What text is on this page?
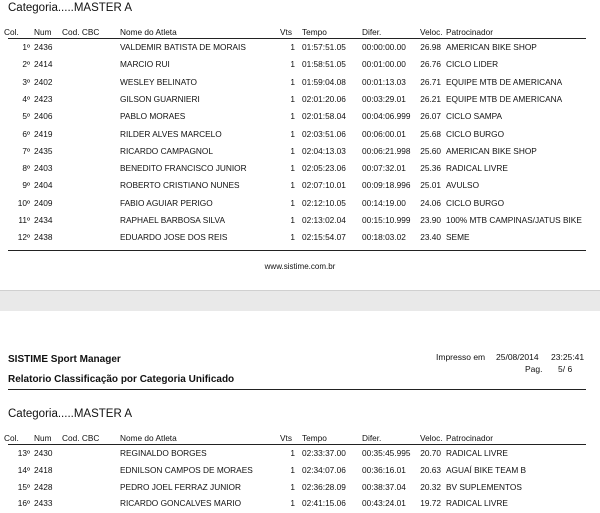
Categoria.....MASTER A
Col.	Num Cod. CBC Nome do Atleta	Vts	Tempo	Difer.	Veloc. Patrocinador
1º 2436	VALDEMIR BATISTA DE MORAIS	1 01:57:51.05 00:00:00.00	26.98 AMERICAN BIKE SHOP
2º 2414	MARCIO RUI	1 01:58:51.05 00:01:00.00	26.76 CICLO LIDER
3º 2402	WESLEY BELINATO	1 01:59:04.08 00:01:13.03	26.71 EQUIPE MTB DE AMERICANA
4º 2423	GILSON GUARNIERI	1 02:01:20.06 00:03:29.01	26.21 EQUIPE MTB DE AMERICANA
5º 2406	PABLO MORAES	1 02:01:58.04 00:04:06.999	26.07 CICLO SAMPA
6º 2419	RILDER ALVES MARCELO	1 02:03:51.06 00:06:00.01	25.68 CICLO BURGO
7º 2435	RICARDO CAMPAGNOL	1 02:04:13.03 00:06:21.998	25.60 AMERICAN BIKE SHOP
8º 2403	BENEDITO FRANCISCO JUNIOR	1 02:05:23.06 00:07:32.01	25.36 RADICAL LIVRE
9º 2404	ROBERTO CRISTIANO NUNES	1 02:07:10.01 00:09:18.996	25.01 AVULSO
10º 2409	FABIO AGUIAR PERIGO	1 02:12:10.05 00:14:19.00	24.06 CICLO BURGO
11º 2434	RAPHAEL BARBOSA SILVA	1 02:13:02.04 00:15:10.999	23.90 100% MTB CAMPINAS/JATUS BIKE
12º 2438	EDUARDO JOSE DOS REIS	1 02:15:54.07 00:18:03.02	23.40 SEME
www.sistime.com.br
SISTIME Sport Manager
Relatorio Classificação por Categoria Unificado
Impresso em 25/08/2014 23:25:41
Pag. 5/ 6
Categoria.....MASTER A
Col.	Num Cod. CBC Nome do Atleta	Vts	Tempo	Difer.	Veloc. Patrocinador
13º 2430	REGINALDO BORGES	1 02:33:37.00 00:35:45.995	20.70 RADICAL LIVRE
14º 2418	EDNILSON CAMPOS DE MORAES	1 02:34:07.06 00:36:16.01	20.63 AGUAÍ BIKE TEAM B
15º 2428	PEDRO JOEL FERRAZ JUNIOR	1 02:36:28.09 00:38:37.04	20.32 BV SUPLEMENTOS
16º 2433	RICARDO GONCALVES MARIO	1 02:41:15.06 00:43:24.01	19.72 RADICAL LIVRE
